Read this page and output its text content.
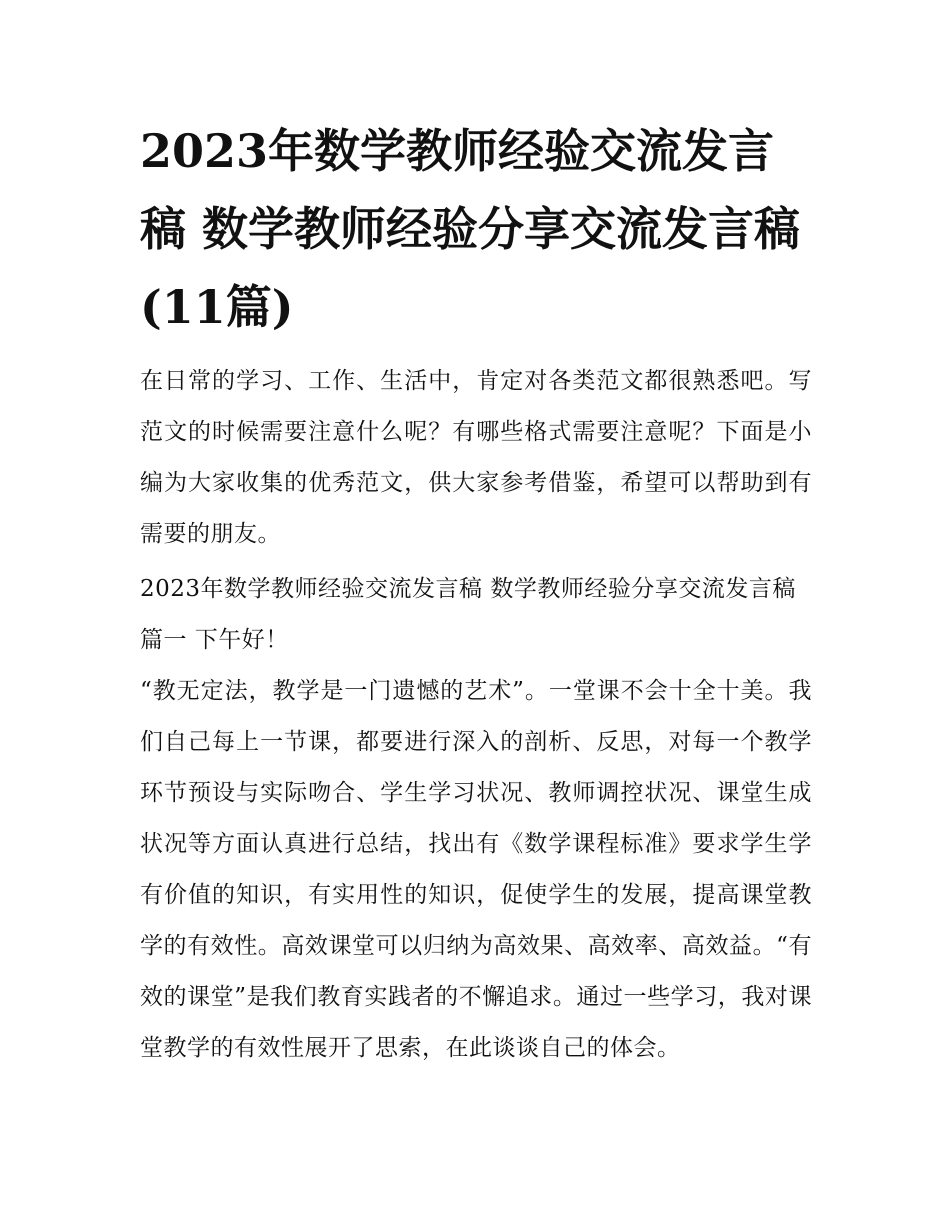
2023年数学教师经验交流发言稿 数学教师经验分享交流发言稿(11篇)

在日常的学习、工作、生活中，肯定对各类范文都很熟悉吧。写范文的时候需要注意什么呢？有哪些格式需要注意呢？下面是小编为大家收集的优秀范文，供大家参考借鉴，希望可以帮助到有需要的朋友。

2023年数学教师经验交流发言稿 数学教师经验分享交流发言稿篇一 下午好！

“教无定法，教学是一门遗憾的艺术”。一堂课不会十全十美。我们自己每上一节课，都要进行深入的剖析、反思，对每一个教学环节预设与实际吻合、学生学习状况、教师调控状况、课堂生成状况等方面认真进行总结，找出有《数学课程标准》要求学生学有价值的知识，有实用性的知识，促使学生的发展，提高课堂教学的有效性。高效课堂可以归纳为高效果、高效率、高效益。“有效的课堂”是我们教育实践者的不懈追求。通过一些学习，我对课堂教学的有效性展开了思索，在此谈谈自己的体会。
